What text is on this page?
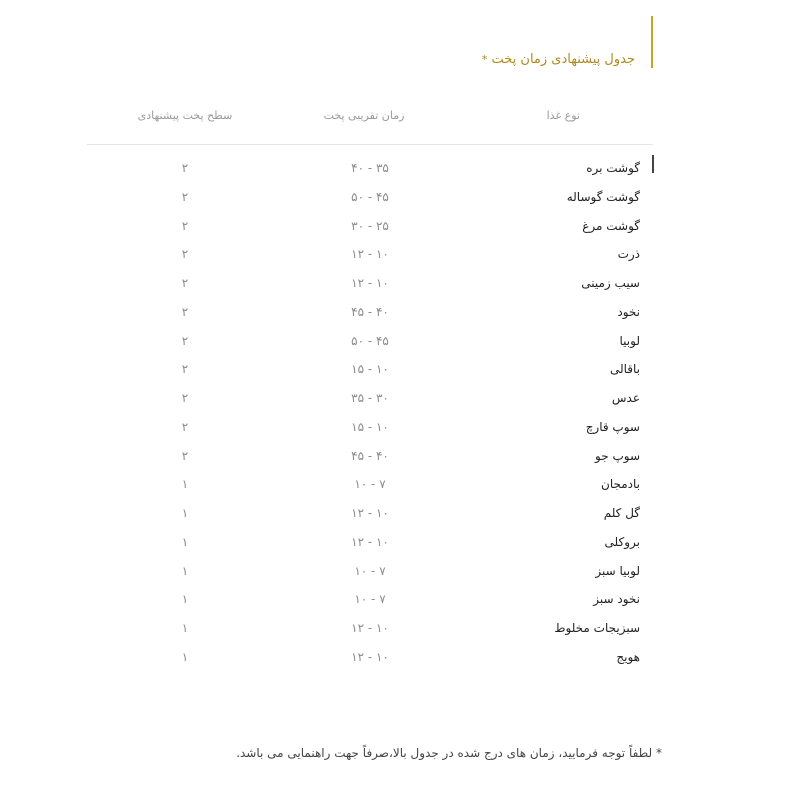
جدول پیشنهادی زمان پخت *
نوع غذا
زمان تقریبی پخت
سطح پخت پیشنهادی
گوشت بره
۳۵ - ۴۰
۲
گوشت گوساله
۴۵ - ۵۰
۲
گوشت مرغ
۲۵ - ۳۰
۲
ذرت
۱۰ - ۱۲
۲
سیب زمینی
۱۰ - ۱۲
۲
نخود
۴۰ - ۴۵
۲
لوبیا
۴۵ - ۵۰
۲
باقالی
۱۰ - ۱۵
۲
عدس
۳۰ - ۳۵
۲
سوپ قارچ
۱۰ - ۱۵
۲
سوپ جو
۴۰ - ۴۵
۲
بادمجان
۷ - ۱۰
۱
گل کلم
۱۰ - ۱۲
۱
بروکلی
۱۰ - ۱۲
۱
لوبیا سبز
۷ - ۱۰
۱
نخود سبز
۷ - ۱۰
۱
سبزیجات مخلوط
۱۰ - ۱۲
۱
هویج
۱۰ - ۱۲
۱
* لطفاً توجه فرمایید، زمان های درج شده در جدول بالا،صرفاً جهت راهنمایی می باشد.
